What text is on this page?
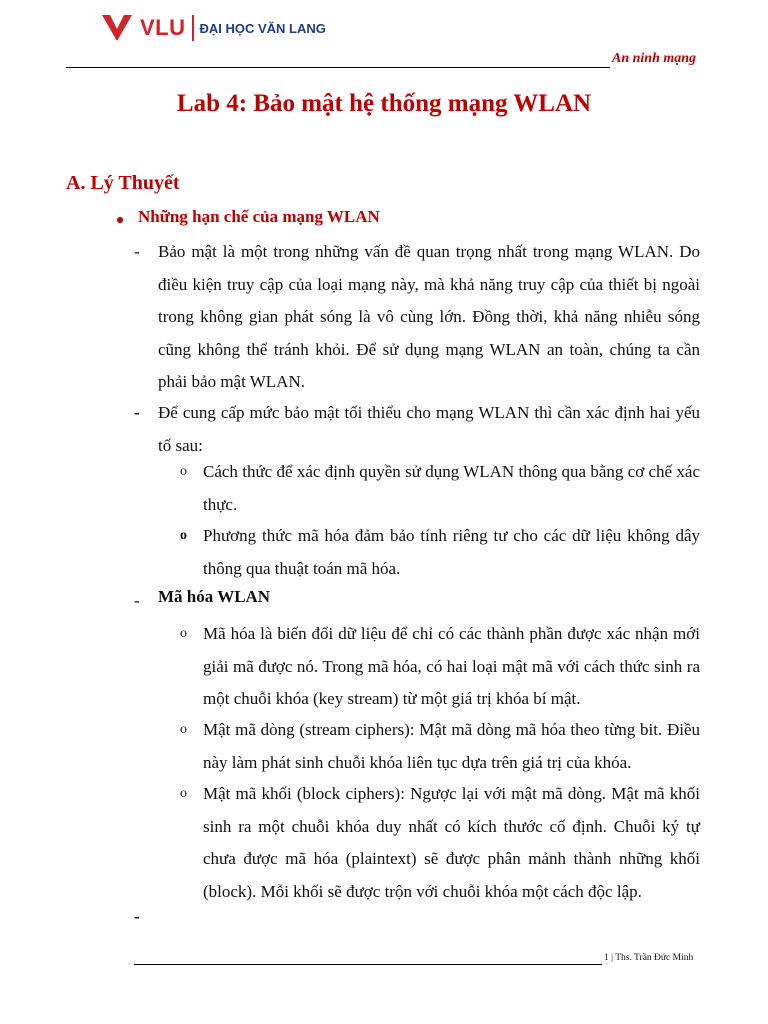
VLU ĐẠI HỌC VĂN LANG
An ninh mạng
Lab 4: Bảo mật hệ thống mạng WLAN
A. Lý Thuyết
Những hạn chế của mạng WLAN
- Bảo mật là một trong những vấn đề quan trọng nhất trong mạng WLAN. Do điều kiện truy cập của loại mạng này, mà khả năng truy cập của thiết bị ngoài trong không gian phát sóng là vô cùng lớn. Đồng thời, khả năng nhiễu sóng cũng không thể tránh khỏi. Để sử dụng mạng WLAN an toàn, chúng ta cần phải bảo mật WLAN.
- Để cung cấp mức bảo mật tối thiểu cho mạng WLAN thì cần xác định hai yếu tố sau:
o Cách thức để xác định quyền sử dụng WLAN thông qua bằng cơ chế xác thực.
o Phương thức mã hóa đảm bảo tính riêng tư cho các dữ liệu không dây thông qua thuật toán mã hóa.
- Mã hóa WLAN
o Mã hóa là biến đổi dữ liệu để chỉ có các thành phần được xác nhận mới giải mã được nó. Trong mã hóa, có hai loại mật mã với cách thức sinh ra một chuỗi khóa (key stream) từ một giá trị khóa bí mật.
o Mật mã dòng (stream ciphers): Mật mã dòng mã hóa theo từng bit. Điều này làm phát sinh chuỗi khóa liên tục dựa trên giá trị của khóa.
o Mật mã khối (block ciphers): Ngược lại với mật mã dòng. Mật mã khối sinh ra một chuỗi khóa duy nhất có kích thước cố định. Chuỗi ký tự chưa được mã hóa (plaintext) sẽ được phân mảnh thành những khối (block). Mỗi khối sẽ được trộn với chuỗi khóa một cách độc lập.
-
1 | Ths. Trần Đức Minh
